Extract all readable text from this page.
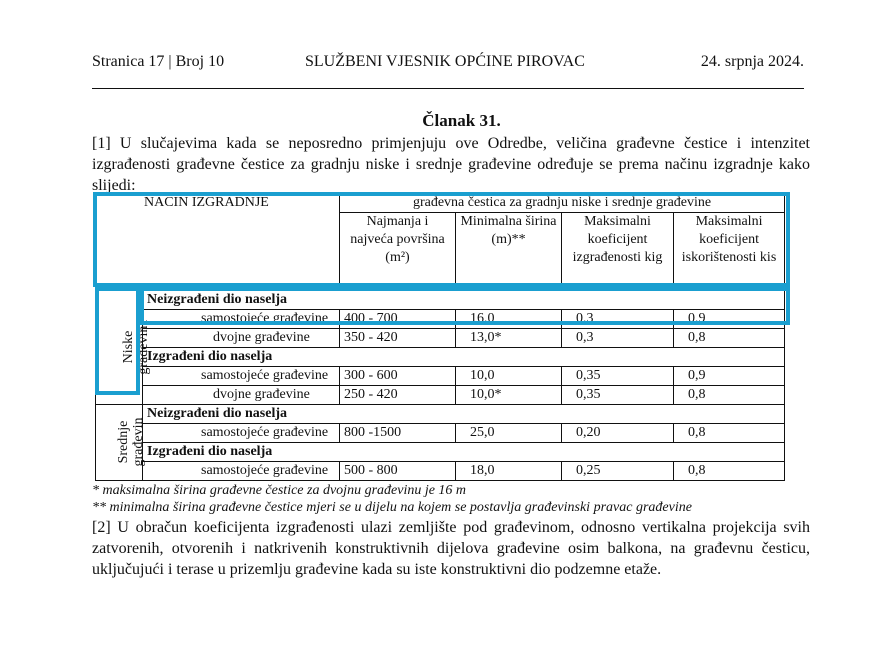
Stranica 17 | Broj 10	SLUŽBENI VJESNIK OPĆINE PIROVAC	24. srpnja 2024.
Članak 31.
[1] U slučajevima kada se neposredno primjenjuju ove Odredbe, veličina građevne čestice i intenzitet izgrađenosti građevne čestice za gradnju niske i srednje građevine određuje se prema načinu izgradnje kako slijedi:
NAČIN IZGRADNJE		građevna čestica za gradnju niske i srednje građevine			
		Najmanja i najveća površina (m²)	Minimalna širina (m)**	Maksimalni koeficijent izgrađenosti kig	Maksimalni koeficijent iskorištenosti kis
Niske građevine	Neizgrađeni dio naselja				
	samostojeće građevine	400 - 700	16,0	0,3	0,9
	dvojne građevine	350 - 420	13,0*	0,3	0,8
	Izgrađeni dio naselja				
	samostojeće građevine	300 - 600	10,0	0,35	0,9
	dvojne građevine	250 - 420	10,0*	0,35	0,8
Srednje građevin	Neizgrađeni dio naselja				
	samostojeće građevine	800 -1500	25,0	0,20	0,8
	Izgrađeni dio naselja				
	samostojeće građevine	500 - 800	18,0	0,25	0,8
* maksimalna širina građevne čestice za dvojnu građevinu je 16 m
** minimalna širina građevne čestice mjeri se u dijelu na kojem se postavlja građevinski pravac građevine
[2] U obračun koeficijenta izgrađenosti ulazi zemljište pod građevinom, odnosno vertikalna projekcija svih zatvorenih, otvorenih i natkrivenih konstruktivnih dijelova građevine osim balkona, na građevnu česticu, uključujući i terase u prizemlju građevine kada su iste konstruktivni dio podzemne etaže.
